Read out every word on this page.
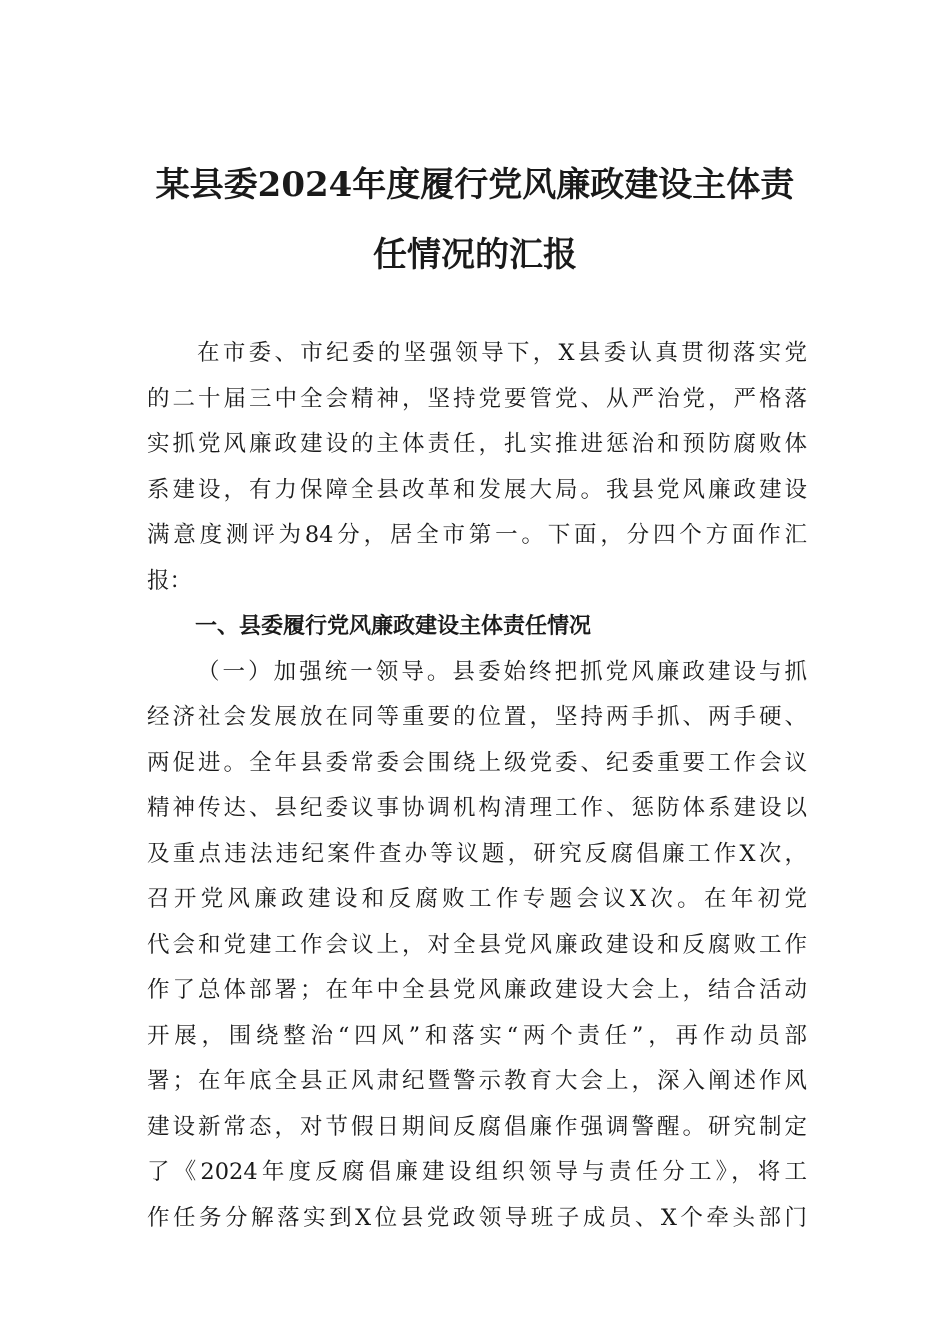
某县委2024年度履行党风廉政建设主体责
任情况的汇报
在市委、市纪委的坚强领导下，X县委认真贯彻落实党
的二十届三中全会精神，坚持党要管党、从严治党，严格落
实抓党风廉政建设的主体责任，扎实推进惩治和预防腐败体
系建设，有力保障全县改革和发展大局。我县党风廉政建设
满意度测评为84分，居全市第一。下面，分四个方面作汇
报：
一、县委履行党风廉政建设主体责任情况
（一）加强统一领导。县委始终把抓党风廉政建设与抓
经济社会发展放在同等重要的位置，坚持两手抓、两手硬、
两促进。全年县委常委会围绕上级党委、纪委重要工作会议
精神传达、县纪委议事协调机构清理工作、惩防体系建设以
及重点违法违纪案件查办等议题，研究反腐倡廉工作X次，
召开党风廉政建设和反腐败工作专题会议X次。在年初党
代会和党建工作会议上，对全县党风廉政建设和反腐败工作
作了总体部署；在年中全县党风廉政建设大会上，结合活动
开展，围绕整治“四风”和落实“两个责任”，再作动员部
署；在年底全县正风肃纪暨警示教育大会上，深入阐述作风
建设新常态，对节假日期间反腐倡廉作强调警醒。研究制定
了《2024年度反腐倡廉建设组织领导与责任分工》，将工
作任务分解落实到X位县党政领导班子成员、X个牵头部门
